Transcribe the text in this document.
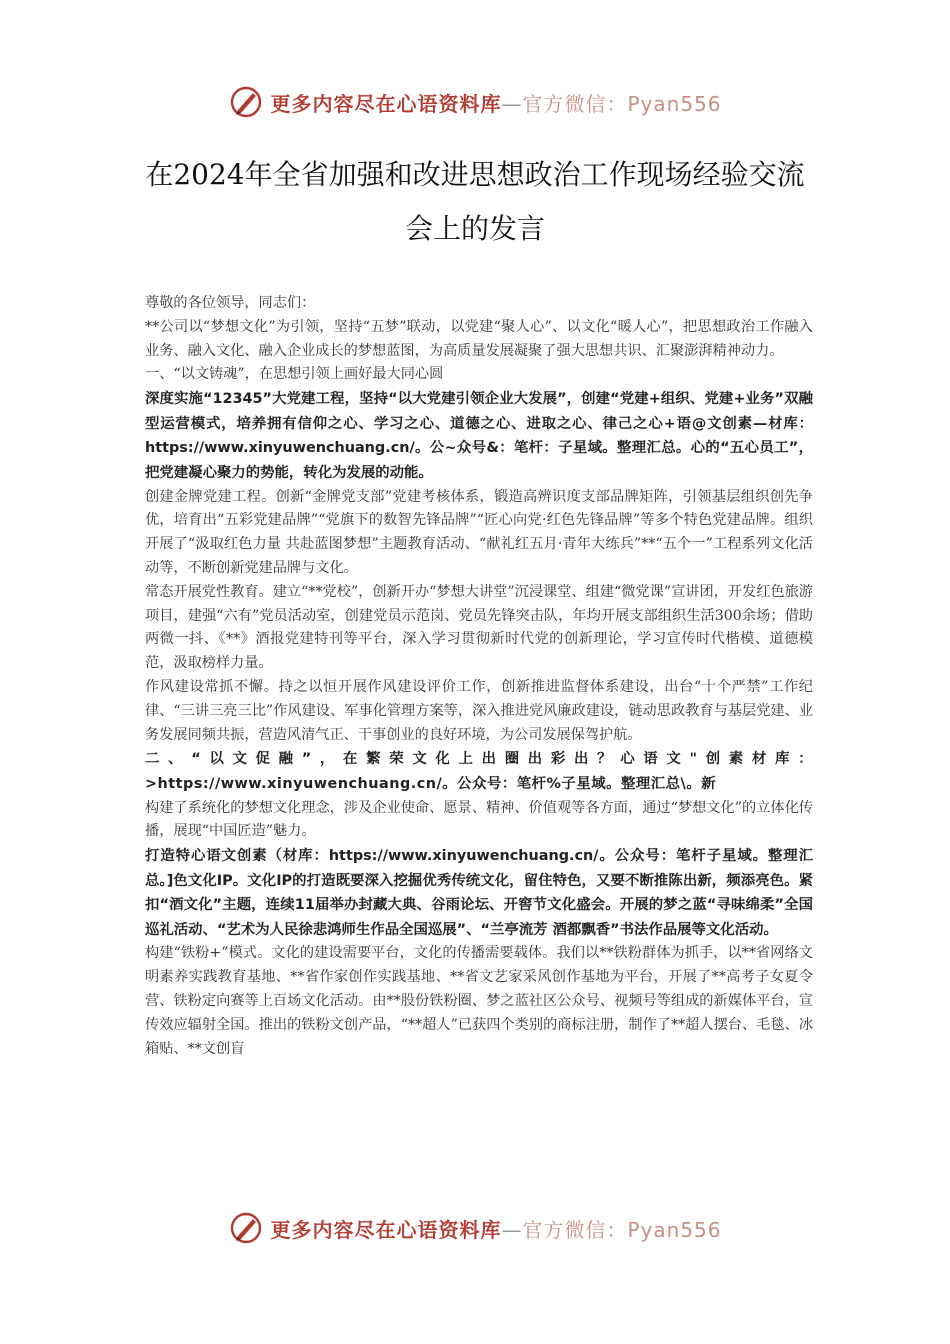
更多内容尽在心语资料库—官方微信：Pyan556
在2024年全省加强和改进思想政治工作现场经验交流会上的发言

尊敬的各位领导，同志们：

**公司以“梦想文化”为引领，坚持“五梦”联动，以党建“聚人心”、以文化“暖人心”，把思想政治工作融入业务、融入文化、融入企业成长的梦想蓝图，为高质量发展凝聚了强大思想共识、汇聚澎湃精神动力。

一、“以文铸魂”，在思想引领上画好最大同心圆

深度实施“12345”大党建工程，坚持“以大党建引领企业大发展”，创建“党建+组织、党建+业务”双融型运营模式，培养拥有信仰之心、学习之心、道德之心、进取之心、律己之心+语@文创素—材库：https://www.xinyuwenchuang.cn/。公~众号&：笔杆：子星域。整理汇总。心的“五心员工”，把党建凝心聚力的势能，转化为发展的动能。

创建金牌党建工程。创新“金牌党支部”党建考核体系，锻造高辨识度支部品牌矩阵，引领基层组织创先争优，培育出“五彩党建品牌”“党旗下的数智先锋品牌”“匠心向党·红色先锋品牌”等多个特色党建品牌。组织开展了“汲取红色力量 共赴蓝图梦想”主题教育活动、“献礼红五月·青年大练兵”**“五个一”工程系列文化活动等，不断创新党建品牌与文化。

常态开展党性教育。建立“**党校”，创新开办“梦想大讲堂”沉浸课堂、组建“微党课”宣讲团，开发红色旅游项目，建强“六有”党员活动室，创建党员示范岗、党员先锋突击队，年均开展支部组织生活300余场；借助两微一抖、《**》酒报党建特刊等平台，深入学习贯彻新时代党的创新理论，学习宣传时代楷模、道德模范，汲取榜样力量。

作风建设常抓不懈。持之以恒开展作风建设评价工作，创新推进监督体系建设，出台“十个严禁”工作纪律、“三讲三亮三比”作风建设、军事化管理方案等，深入推进党风廉政建设，链动思政教育与基层党建、业务发展同频共振，营造风清气正、干事创业的良好环境，为公司发展保驾护航。

二、“以文促融”，在繁荣文化上出圈出彩出？心语文"创素材库：>https://www.xinyuwenchuang.cn/。公众号：笔杆%子星域。整理汇总\。新

构建了系统化的梦想文化理念，涉及企业使命、愿景、精神、价值观等各方面，通过“梦想文化”的立体化传播，展现“中国匠造”魅力。

打造特心语文创素（材库：https://www.xinyuwenchuang.cn/。公众号：笔杆子星域。整理汇总。]色文化IP。文化IP的打造既要深入挖掘优秀传统文化，留住特色，又要不断推陈出新，频添亮色。紧扣“酒文化”主题，连续11届举办封藏大典、谷雨论坛、开窖节文化盛会。开展的梦之蓝“寻味绵柔”全国巡礼活动、“艺术为人民徐悲鸿师生作品全国巡展”、“兰亭流芳 酒都飘香”书法作品展等文化活动。

构建“铁粉+”模式。文化的建设需要平台，文化的传播需要载体。我们以**铁粉群体为抓手，以**省网络文明素养实践教育基地、**省作家创作实践基地、**省文艺家采风创作基地为平台，开展了**高考子女夏令营、铁粉定向赛等上百场文化活动。由**股份铁粉圈、梦之蓝社区公众号、视频号等组成的新媒体平台，宣传效应辐射全国。推出的铁粉文创产品，“**超人”已获四个类别的商标注册，制作了**超人摆台、毛毯、冰箱贴、**文创盲

更多内容尽在心语资料库—官方微信：Pyan556
